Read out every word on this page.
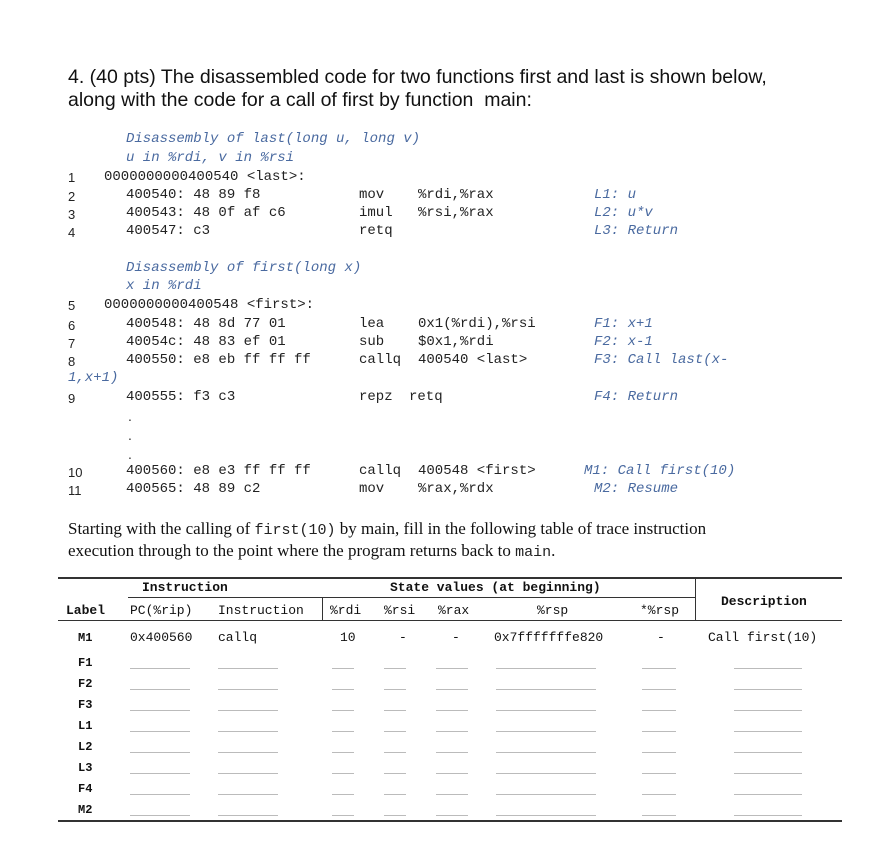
4. (40 pts) The disassembled code for two functions first and last is shown below,
along with the code for a call of first by function  main:
Disassembly of last(long u, long v)
u in %rdi, v in %rsi
1 0000000000400540 <last>:
2	400540: 48 89 f8	mov %rdi,%rax	L1: u
3	400543: 48 0f af c6	imul %rsi,%rax	L2: u*v
4	400547: c3	retq	L3: Return
Disassembly of first(long x)
x in %rdi
5 0000000000400548 <first>:
6	400548: 48 8d 77 01	lea 0x1(%rdi),%rsi	F1: x+1
7	40054c: 48 83 ef 01	sub $0x1,%rdi	F2: x-1
8	400550: e8 eb ff ff ff	callq 400540 <last>	F3: Call last(x-
1,x+1)
9	400555: f3 c3	repz retq	F4: Return
.
.
.
10	400560: e8 e3 ff ff ff	callq 400548 <first>	M1: Call first(10)
11	400565: 48 89 c2	mov %rax,%rdx	M2: Resume
Starting with the calling of first(10) by main, fill in the following table of trace instruction
execution through to the point where the program returns back to main.
Instruction	State values (at beginning)
Description
Label PC(%rip) Instruction %rdi %rsi %rax	%rsp	*%rsp
M1	0x400560 callq	10	-	-	0x7fffffffe820	-	Call first(10)
F1
F2
F3
L1
L2
L3
F4
M2
